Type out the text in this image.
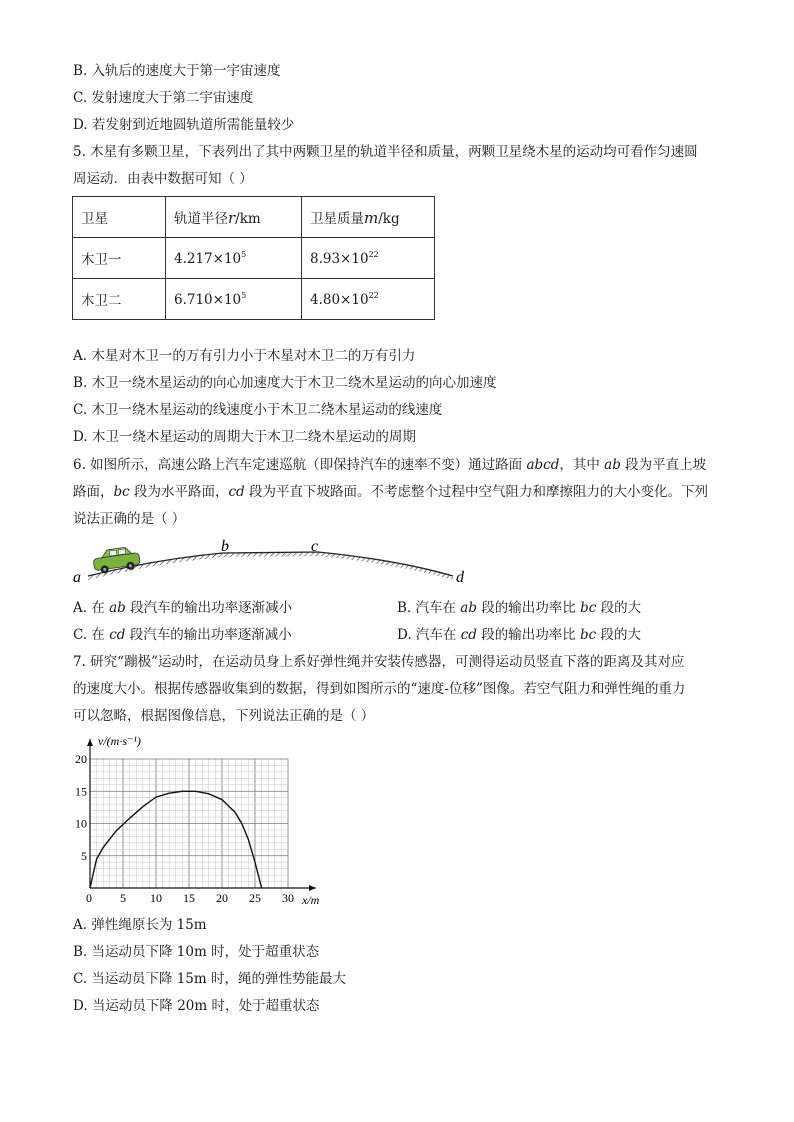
B. 入轨后的速度大于第一宇宙速度
C. 发射速度大于第二宇宙速度
D. 若发射到近地圆轨道所需能量较少
5. 木星有多颗卫星，下表列出了其中两颗卫星的轨道半径和质量，两颗卫星绕木星的运动均可看作匀速圆
周运动．由表中数据可知（ ）
卫星	轨道半径r/km	卫星质量m/kg
木卫一	$4.217\times 10^5$	$8.93\times 10^{22}$
木卫二	$6.710\times 10^5$	$4.80\times 10^{22}$
A. 木星对木卫一的万有引力小于木星对木卫二的万有引力
B. 木卫一绕木星运动的向心加速度大于木卫二绕木星运动的向心加速度
C. 木卫一绕木星运动的线速度小于木卫二绕木星运动的线速度
D. 木卫一绕木星运动的周期大于木卫二绕木星运动的周期
6. 如图所示，高速公路上汽车定速巡航（即保持汽车的速率不变）通过路面 abcd，其中 ab 段为平直上坡
路面，bc 段为水平路面，cd 段为平直下坡路面。不考虑整个过程中空气阻力和摩擦阻力的大小变化。下列
说法正确的是（ ）
a
b	c
d
A. 在 ab 段汽车的输出功率逐渐减小	B. 汽车在 ab 段的输出功率比 bc 段的大
C. 在 cd 段汽车的输出功率逐渐减小	D. 汽车在 cd 段的输出功率比 bc 段的大
7. 研究“蹦极”运动时，在运动员身上系好弹性绳并安装传感器，可测得运动员竖直下落的距离及其对应
的速度大小。根据传感器收集到的数据，得到如图所示的“速度-位移”图像。若空气阻力和弹性绳的重力
可以忽略，根据图像信息，下列说法正确的是（ ）
5 10 15 20 25 30
5
10
15
20
v/(m·s⁻¹)
x/m
0
A. 弹性绳原长为 15m
B. 当运动员下降 10m 时，处于超重状态
C. 当运动员下降 15m 时，绳的弹性势能最大
D. 当运动员下降 20m 时，处于超重状态
